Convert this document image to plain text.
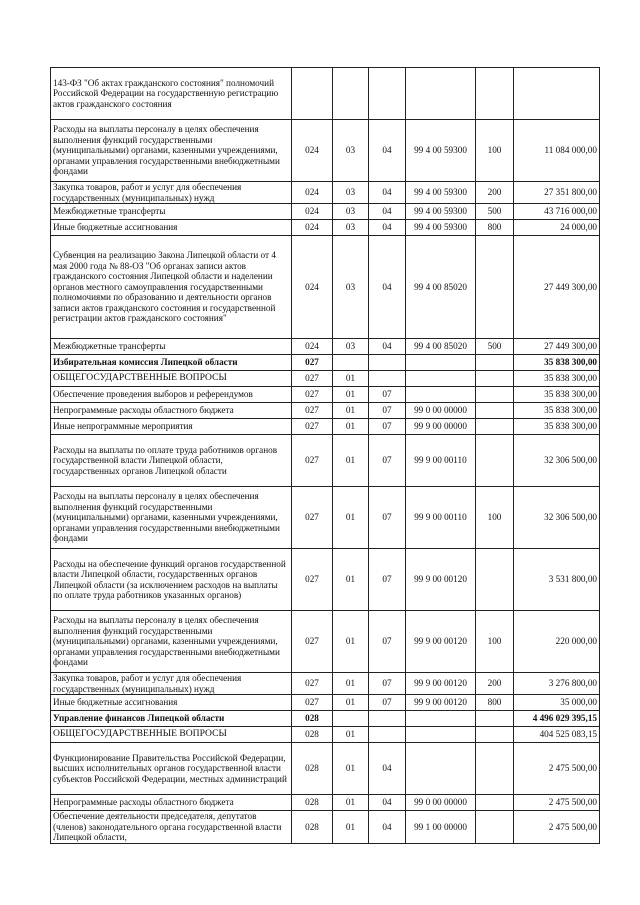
143-ФЗ "Об актах гражданского состояния" полномочий Российской Федерации на государственную регистрацию актов гражданского состояния						
Расходы на выплаты персоналу в целях обеспечения выполнения функций государственными (муниципальными) органами, казенными учреждениями, органами управления государственными внебюджетными фондами	024	03	04	99 4 00 59300	100	11 084 000,00
Закупка товаров, работ и услуг для обеспечения государственных (муниципальных) нужд	024	03	04	99 4 00 59300	200	27 351 800,00
Межбюджетные трансферты	024	03	04	99 4 00 59300	500	43 716 000,00
Иные бюджетные ассигнования	024	03	04	99 4 00 59300	800	24 000,00
Субвенция на реализацию Закона Липецкой области от 4 мая 2000 года № 88-ОЗ "Об органах записи актов гражданского состояния Липецкой области и наделении органов местного самоуправления государственными полномочиями по образованию и деятельности органов записи актов гражданского состояния и государственной регистрации актов гражданского состояния"	024	03	04	99 4 00 85020		27 449 300,00
Межбюджетные трансферты	024	03	04	99 4 00 85020	500	27 449 300,00
Избирательная комиссия Липецкой области	027					35 838 300,00
ОБЩЕГОСУДАРСТВЕННЫЕ ВОПРОСЫ	027	01				35 838 300,00
Обеспечение проведения выборов и референдумов	027	01	07			35 838 300,00
Непрограммные расходы областного бюджета	027	01	07	99 0 00 00000		35 838 300,00
Иные непрограммные мероприятия	027	01	07	99 9 00 00000		35 838 300,00
Расходы на выплаты по оплате труда работников органов государственной власти Липецкой области, государственных органов Липецкой области	027	01	07	99 9 00 00110		32 306 500,00
Расходы на выплаты персоналу в целях обеспечения выполнения функций государственными (муниципальными) органами, казенными учреждениями, органами управления государственными внебюджетными фондами	027	01	07	99 9 00 00110	100	32 306 500,00
Расходы на обеспечение функций органов государственной власти Липецкой области, государственных органов Липецкой области (за исключением расходов на выплаты по оплате труда работников указанных органов)	027	01	07	99 9 00 00120		3 531 800,00
Расходы на выплаты персоналу в целях обеспечения выполнения функций государственными (муниципальными) органами, казенными учреждениями, органами управления государственными внебюджетными фондами	027	01	07	99 9 00 00120	100	220 000,00
Закупка товаров, работ и услуг для обеспечения государственных (муниципальных) нужд	027	01	07	99 9 00 00120	200	3 276 800,00
Иные бюджетные ассигнования	027	01	07	99 9 00 00120	800	35 000,00
Управление финансов Липецкой области	028					4 496 029 395,15
ОБЩЕГОСУДАРСТВЕННЫЕ ВОПРОСЫ	028	01				404 525 083,15
Функционирование Правительства Российской Федерации, высших исполнительных органов государственной власти субъектов Российской Федерации, местных администраций	028	01	04			2 475 500,00
Непрограммные расходы областного бюджета	028	01	04	99 0 00 00000		2 475 500,00
Обеспечение деятельности председателя, депутатов (членов) законодательного органа государственной власти Липецкой области,	028	01	04	99 1 00 00000		2 475 500,00
